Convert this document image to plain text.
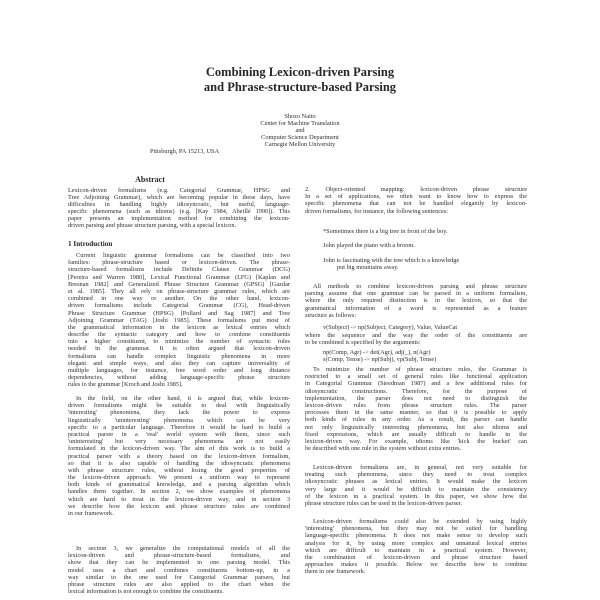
Combining Lexicon-driven Parsing
and Phrase-structure-based Parsing
Shozo Naito
Center for Machine Translation
and
Computer Science Department
Carnegie Mellon University
Pittsburgh, PA 15213, USA
Abstract
Lexicon-driven formalisms (e.g. Categorial Grammar, HPSG and
Tree Adjoining Grammar), which are becoming popular in these days, have
difficulties in handling highly idiosyncratic, but useful, language-
specific phenomena (such as idioms) (e.g. [Kay 1984, Abeillé 1990]). This
paper presents an implementation method for combining the lexicon-
driven parsing and phrase structure parsing, with a special lexicon.
1 Introduction
Current linguistic grammar formalisms can be classified into two
families: phrase-structure based or lexicon-driven. The phrase-
structure-based formalisms include Definite Clause Grammar (DCG)
[Pereira and Warren 1980], Lexical Functional Grammar (LFG) [Kaplan and
Bresnan 1982] and Generalized Phrase Structure Grammar (GPSG) [Gazdar
et al. 1985]. They all rely on phrase-structure grammar rules, which are
combined in one way or another. On the other hand, lexicon-
driven formalisms include Categorial Grammar (CG), Head-driven
Phrase Structure Grammar (HPSG) [Pollard and Sag 1987] and Tree
Adjoining Grammar (TAG) [Joshi 1985]. These formalisms put most of
the grammatical information in the lexicon as lexical entries which
describe the syntactic category and how to combine constituents
into a higher constituent, to minimize the number of syntactic rules
needed in the grammar. It is often argued that lexicon-driven
formalisms can handle complex linguistic phenomena in more
elegant and simple ways, and also they can capture universality of
multiple languages, for instance, free word order and long distance
dependencies, without adding language-specific phrase structure
rules to the grammar [Kroch and Joshi 1985].
In the field, on the other hand, it is argued that, while lexicon-
driven formalisms might be suitable to deal with linguistically
'interesting' phenomena, they lack the power to express
linguistically 'uninteresting' phenomena which can be very
specific to a particular language. Therefore it would be hard to build a
practical parser in a 'real' world system with them, since such
'uninteresting' but very necessary phenomena are not easily
formulated in the lexicon-driven way. The aim of this work is to build a
practical parser with a theory based on the lexicon-driven formalism,
so that it is also capable of handling the idiosyncratic phenomena
with phrase structure rules, without losing the good properties of
the lexicon-driven approach. We present a uniform way to represent
both kinds of grammatical knowledge, and a parsing algorithm which
handles them together. In section 2, we show examples of phenomena
which are hard to treat in the lexicon-driven way, and in section 3
we describe how the lexicon and phrase structure rules are combined
in our framework.
In section 3, we generalize the computational models of all the
lexicon-driven and phrase-structure-based formalisms, and
show that they can be implemented in one parsing model. This
model uses a chart and combines constituents bottom-up, in a
way similar to the one used for Categorial Grammar parsers, but
phrase structure rules are also applied to the chart when the
lexical information is not enough to combine the constituents.
2. Object-oriented mapping: lexicon-driven phrase structure
In a set of applications, we often want to know how to express the
specific phenomena that can not be handled elegantly by lexicon-
driven formalisms, for instance, the following sentences:
*Sometimes there is a big tree in front of the boy.
John played the piano with a broom.
John is fascinating with the tree which is a knowledge
put big mountains away.
All methods to combine lexicon-driven parsing and phrase structure
parsing assume that one grammar can be parsed in a uniform formalism,
where the only required distinction is in the lexicon, so that the
grammatical information of a word is represented as a feature
structure as follows:
v(Subject) -> np(Subject, Category), Value, ValueCat
where the sequence and the way the order of the constituents are
to be combined is specified by the arguments:
np(Comp, Agr) -> det(Agr), adj(_), n(Agr)
s(Comp, Tense) -> np(Subj), vp(Subj, Tense)
To minimize the number of phrase structure rules, the Grammar is
restricted to a small set of general rules like functional application
in Categorial Grammar (Steedman 1987) and a few additional rules for
idiosyncratic constructions. Therefore, for the purpose of
implementation, the parser does not need to distinguish the
lexicon-driven rules from phrase structure rules. The parser
processes them in the same manner, so that it is possible to apply
both kinds of rules in any order. As a result, the parser can handle
not only linguistically interesting phenomena, but also idioms and
fixed expressions, which are usually difficult to handle in the
lexicon-driven way. For example, idioms like 'kick the bucket' can
be described with one rule in the system without extra entries.
Lexicon-driven formalisms are, in general, not very suitable for
treating such phenomena, since they need to treat complex
idiosyncratic phrases as lexical entries. It would make the lexicon
very large and it would be difficult to maintain the consistency
of the lexicon in a practical system. In this paper, we show how the
phrase structure rules can be used in the lexicon-driven parser.
Lexicon-driven formalisms could also be extended by using highly
'interesting' phenomena, but they may not be suited for handling
language-specific phenomena. It does not make sense to develop such
analysis for it, by using more complex and unnatural lexical entries
which are difficult to maintain in a practical system. However,
the combination of lexicon-driven and phrase structure based
approaches makes it possible. Below we describe how to combine
them in one framework.
